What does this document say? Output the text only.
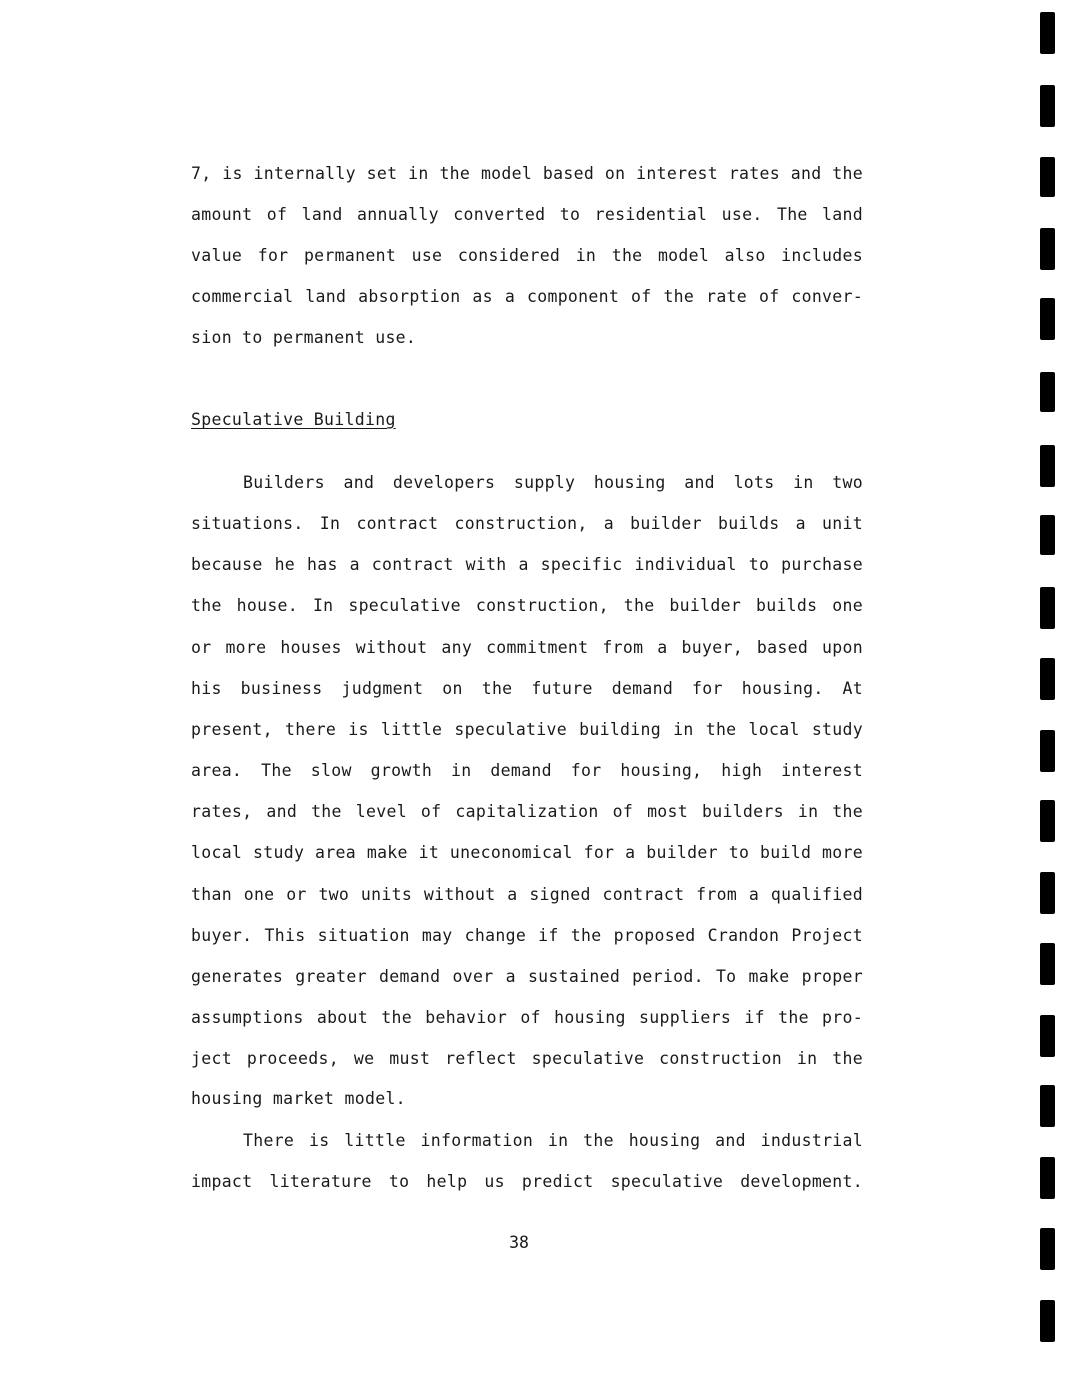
7, is internally set in the model based on interest rates and the
amount of land annually converted to residential use. The land
value for permanent use considered in the model also includes
commercial land absorption as a component of the rate of conver-
sion to permanent use.
Speculative Building
Builders and developers supply housing and lots in two
situations. In contract construction, a builder builds a unit
because he has a contract with a specific individual to purchase
the house. In speculative construction, the builder builds one
or more houses without any commitment from a buyer, based upon
his business judgment on the future demand for housing. At
present, there is little speculative building in the local study
area. The slow growth in demand for housing, high interest
rates, and the level of capitalization of most builders in the
local study area make it uneconomical for a builder to build more
than one or two units without a signed contract from a qualified
buyer. This situation may change if the proposed Crandon Project
generates greater demand over a sustained period. To make proper
assumptions about the behavior of housing suppliers if the pro-
ject proceeds, we must reflect speculative construction in the
housing market model.
There is little information in the housing and industrial
impact literature to help us predict speculative development.
38
